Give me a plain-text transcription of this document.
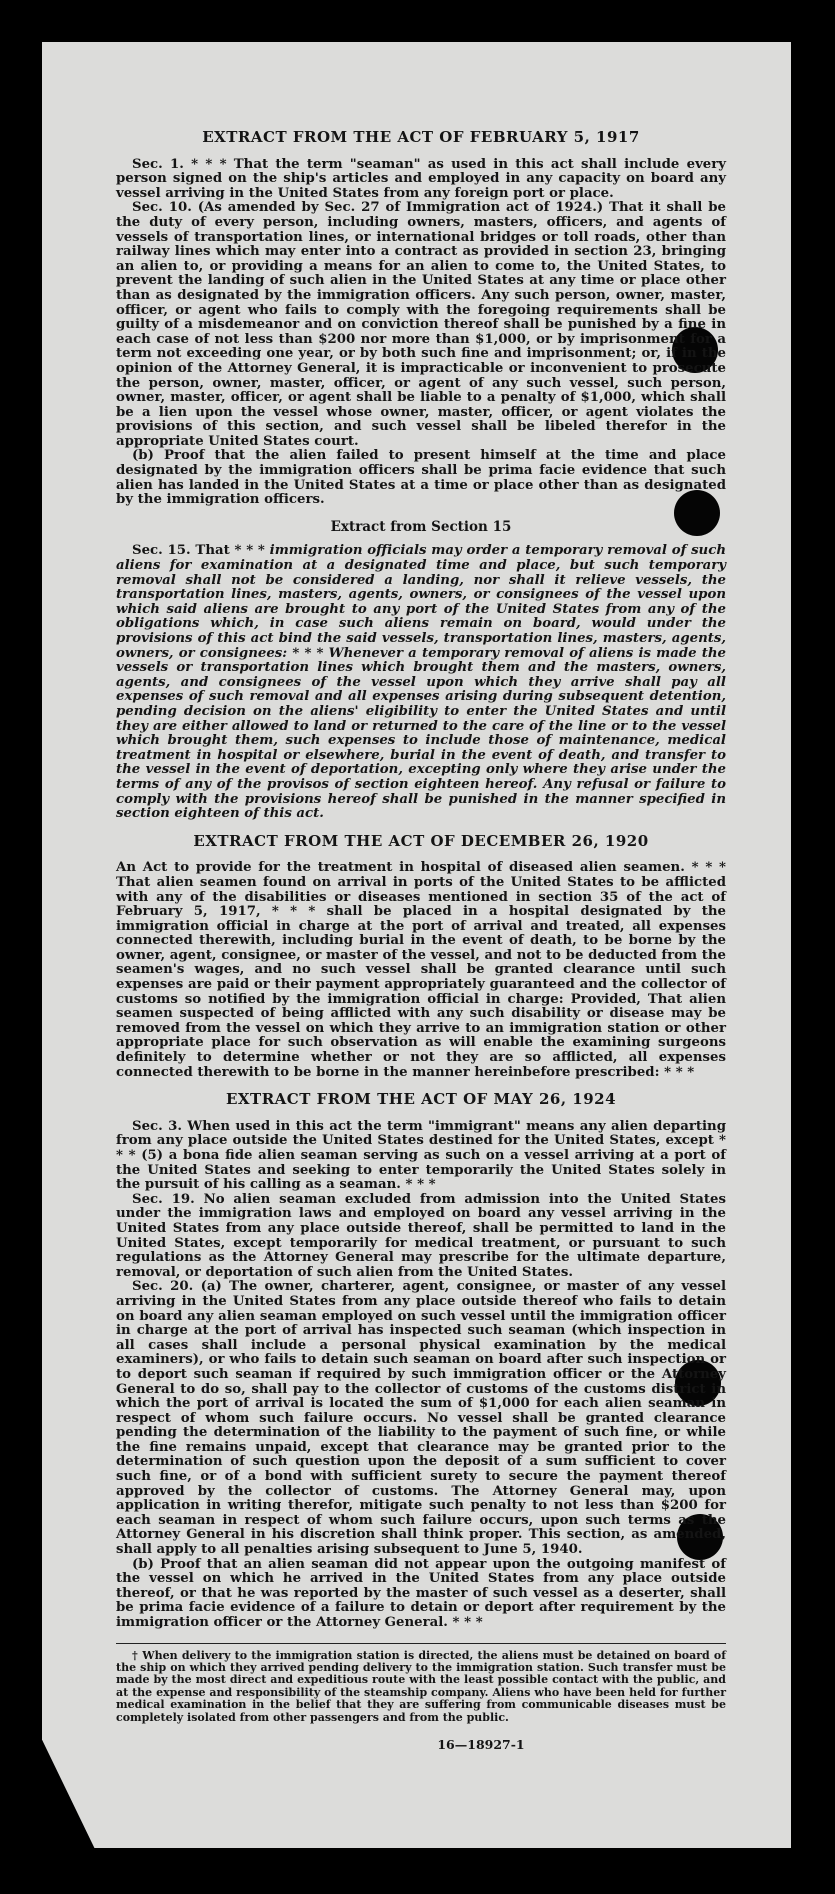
EXTRACT FROM THE ACT OF FEBRUARY 5, 1917

Sec. 1. * * * That the term "seaman" as used in this act shall include every person signed on the ship's articles and employed in any capacity on board any vessel arriving in the United States from any foreign port or place.

Sec. 10. (As amended by Sec. 27 of Immigration act of 1924.) That it shall be the duty of every person, including owners, masters, officers, and agents of vessels of transportation lines, or international bridges or toll roads, other than railway lines which may enter into a contract as provided in section 23, bringing an alien to, or providing a means for an alien to come to, the United States, to prevent the landing of such alien in the United States at any time or place other than as designated by the immigration officers. Any such person, owner, master, officer, or agent who fails to comply with the foregoing requirements shall be guilty of a misdemeanor and on conviction thereof shall be punished by a fine in each case of not less than $200 nor more than $1,000, or by imprisonment for a term not exceeding one year, or by both such fine and imprisonment; or, if in the opinion of the Attorney General, it is impracticable or inconvenient to prosecute the person, owner, master, officer, or agent of any such vessel, such person, owner, master, officer, or agent shall be liable to a penalty of $1,000, which shall be a lien upon the vessel whose owner, master, officer, or agent violates the provisions of this section, and such vessel shall be libeled therefor in the appropriate United States court.

(b) Proof that the alien failed to present himself at the time and place designated by the immigration officers shall be prima facie evidence that such alien has landed in the United States at a time or place other than as designated by the immigration officers.

Extract from Section 15

Sec. 15. That * * * immigration officials may order a temporary removal of such aliens for examination at a designated time and place, but such temporary removal shall not be considered a landing, nor shall it relieve vessels, the transportation lines, masters, agents, owners, or consignees of the vessel upon which said aliens are brought to any port of the United States from any of the obligations which, in case such aliens remain on board, would under the provisions of this act bind the said vessels, transportation lines, masters, agents, owners, or consignees: * * * Whenever a temporary removal of aliens is made the vessels or transportation lines which brought them and the masters, owners, agents, and consignees of the vessel upon which they arrive shall pay all expenses of such removal and all expenses arising during subsequent detention, pending decision on the aliens' eligibility to enter the United States and until they are either allowed to land or returned to the care of the line or to the vessel which brought them, such expenses to include those of maintenance, medical treatment in hospital or elsewhere, burial in the event of death, and transfer to the vessel in the event of deportation, excepting only where they arise under the terms of any of the provisos of section eighteen hereof. Any refusal or failure to comply with the provisions hereof shall be punished in the manner specified in section eighteen of this act.

EXTRACT FROM THE ACT OF DECEMBER 26, 1920

An Act to provide for the treatment in hospital of diseased alien seamen. * * * That alien seamen found on arrival in ports of the United States to be afflicted with any of the disabilities or diseases mentioned in section 35 of the act of February 5, 1917, * * * shall be placed in a hospital designated by the immigration official in charge at the port of arrival and treated, all expenses connected therewith, including burial in the event of death, to be borne by the owner, agent, consignee, or master of the vessel, and not to be deducted from the seamen's wages, and no such vessel shall be granted clearance until such expenses are paid or their payment appropriately guaranteed and the collector of customs so notified by the immigration official in charge: Provided, That alien seamen suspected of being afflicted with any such disability or disease may be removed from the vessel on which they arrive to an immigration station or other appropriate place for such observation as will enable the examining surgeons definitely to determine whether or not they are so afflicted, all expenses connected therewith to be borne in the manner hereinbefore prescribed: * * *

EXTRACT FROM THE ACT OF MAY 26, 1924

Sec. 3. When used in this act the term "immigrant" means any alien departing from any place outside the United States destined for the United States, except * * * (5) a bona fide alien seaman serving as such on a vessel arriving at a port of the United States and seeking to enter temporarily the United States solely in the pursuit of his calling as a seaman. * * *

Sec. 19. No alien seaman excluded from admission into the United States under the immigration laws and employed on board any vessel arriving in the United States from any place outside thereof, shall be permitted to land in the United States, except temporarily for medical treatment, or pursuant to such regulations as the Attorney General may prescribe for the ultimate departure, removal, or deportation of such alien from the United States.

Sec. 20. (a) The owner, charterer, agent, consignee, or master of any vessel arriving in the United States from any place outside thereof who fails to detain on board any alien seaman employed on such vessel until the immigration officer in charge at the port of arrival has inspected such seaman (which inspection in all cases shall include a personal physical examination by the medical examiners), or who fails to detain such seaman on board after such inspection or to deport such seaman if required by such immigration officer or the Attorney General to do so, shall pay to the collector of customs of the customs district in which the port of arrival is located the sum of $1,000 for each alien seaman in respect of whom such failure occurs. No vessel shall be granted clearance pending the determination of the liability to the payment of such fine, or while the fine remains unpaid, except that clearance may be granted prior to the determination of such question upon the deposit of a sum sufficient to cover such fine, or of a bond with sufficient surety to secure the payment thereof approved by the collector of customs. The Attorney General may, upon application in writing therefor, mitigate such penalty to not less than $200 for each seaman in respect of whom such failure occurs, upon such terms as the Attorney General in his discretion shall think proper. This section, as amended, shall apply to all penalties arising subsequent to June 5, 1940.

(b) Proof that an alien seaman did not appear upon the outgoing manifest of the vessel on which he arrived in the United States from any place outside thereof, or that he was reported by the master of such vessel as a deserter, shall be prima facie evidence of a failure to detain or deport after requirement by the immigration officer or the Attorney General. * * *

† When delivery to the immigration station is directed, the aliens must be detained on board of the ship on which they arrived pending delivery to the immigration station. Such transfer must be made by the most direct and expeditious route with the least possible contact with the public, and at the expense and responsibility of the steamship company. Aliens who have been held for further medical examination in the belief that they are suffering from communicable diseases must be completely isolated from other passengers and from the public.
16—18927-1
